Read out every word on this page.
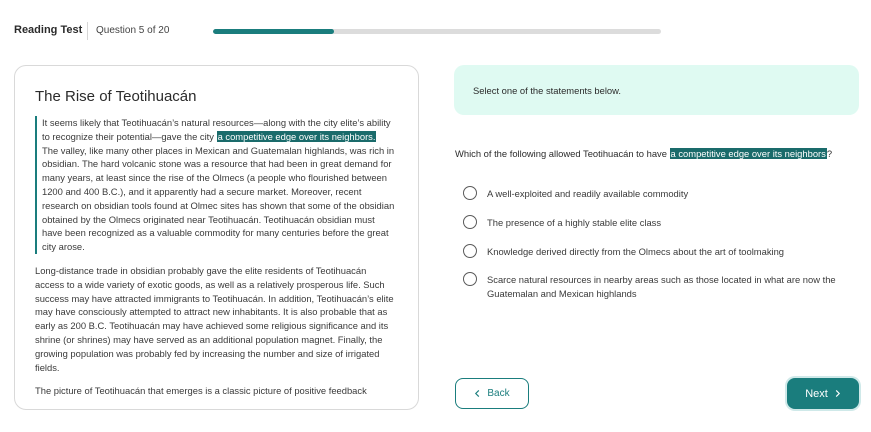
Reading Test Question 5 of 20
The Rise of Teotihuacán

It seems likely that Teotihuacán’s natural resources—along with the city elite’s ability to recognize their potential—gave the city a competitive edge over its neighbors. The valley, like many other places in Mexican and Guatemalan highlands, was rich in obsidian. The hard volcanic stone was a resource that had been in great demand for many years, at least since the rise of the Olmecs (a people who flourished between 1200 and 400 B.C.), and it apparently had a secure market. Moreover, recent research on obsidian tools found at Olmec sites has shown that some of the obsidian obtained by the Olmecs originated near Teotihuacán. Teotihuacán obsidian must have been recognized as a valuable commodity for many centuries before the great city arose.

Long-distance trade in obsidian probably gave the elite residents of Teotihuacán access to a wide variety of exotic goods, as well as a relatively prosperous life. Such success may have attracted immigrants to Teotihuacán. In addition, Teotihuacán’s elite may have consciously attempted to attract new inhabitants. It is also probable that as early as 200 B.C. Teotihuacán may have achieved some religious significance and its shrine (or shrines) may have served as an additional population magnet. Finally, the growing population was probably fed by increasing the number and size of irrigated fields.

The picture of Teotihuacán that emerges is a classic picture of positive feedback

Select one of the statements below.
Which of the following allowed Teotihuacán to have a competitive edge over its neighbors?
A well-exploited and readily available commodity
The presence of a highly stable elite class
Knowledge derived directly from the Olmecs about the art of toolmaking
Scarce natural resources in nearby areas such as those located in what are now the Guatemalan and Mexican highlands
Back	Next
